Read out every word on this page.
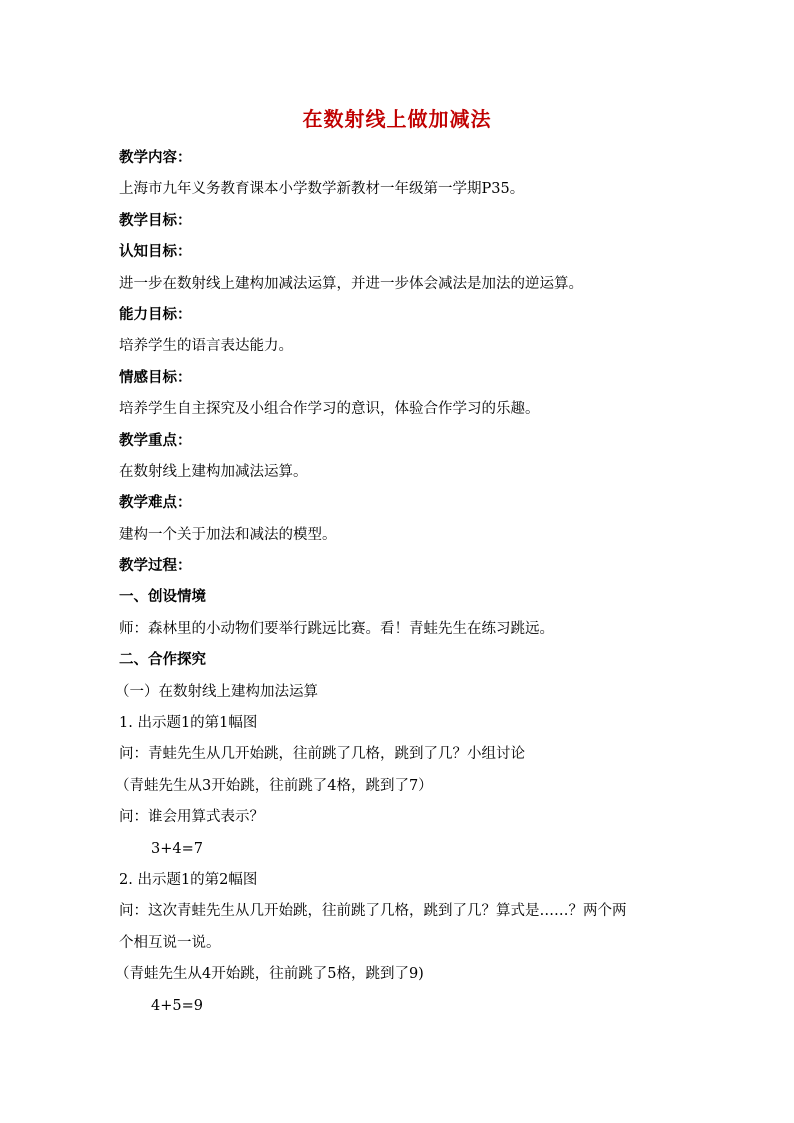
在数射线上做加减法
教学内容：
上海市九年义务教育课本小学数学新教材一年级第一学期P35。
教学目标：
认知目标：
进一步在数射线上建构加减法运算，并进一步体会减法是加法的逆运算。
能力目标：
培养学生的语言表达能力。
情感目标：
培养学生自主探究及小组合作学习的意识，体验合作学习的乐趣。
教学重点：
在数射线上建构加减法运算。
教学难点：
建构一个关于加法和减法的模型。
教学过程：
一、创设情境
师：森林里的小动物们要举行跳远比赛。看！青蛙先生在练习跳远。
二、合作探究
（一）在数射线上建构加法运算
1. 出示题1的第1幅图
问：青蛙先生从几开始跳，往前跳了几格，跳到了几？小组讨论
（青蛙先生从3开始跳，往前跳了4格，跳到了7）
问：谁会用算式表示？
3+4=7
2. 出示题1的第2幅图
问：这次青蛙先生从几开始跳，往前跳了几格，跳到了几？算式是……？两个两
个相互说一说。
（青蛙先生从4开始跳，往前跳了5格，跳到了9)
4+5=9
